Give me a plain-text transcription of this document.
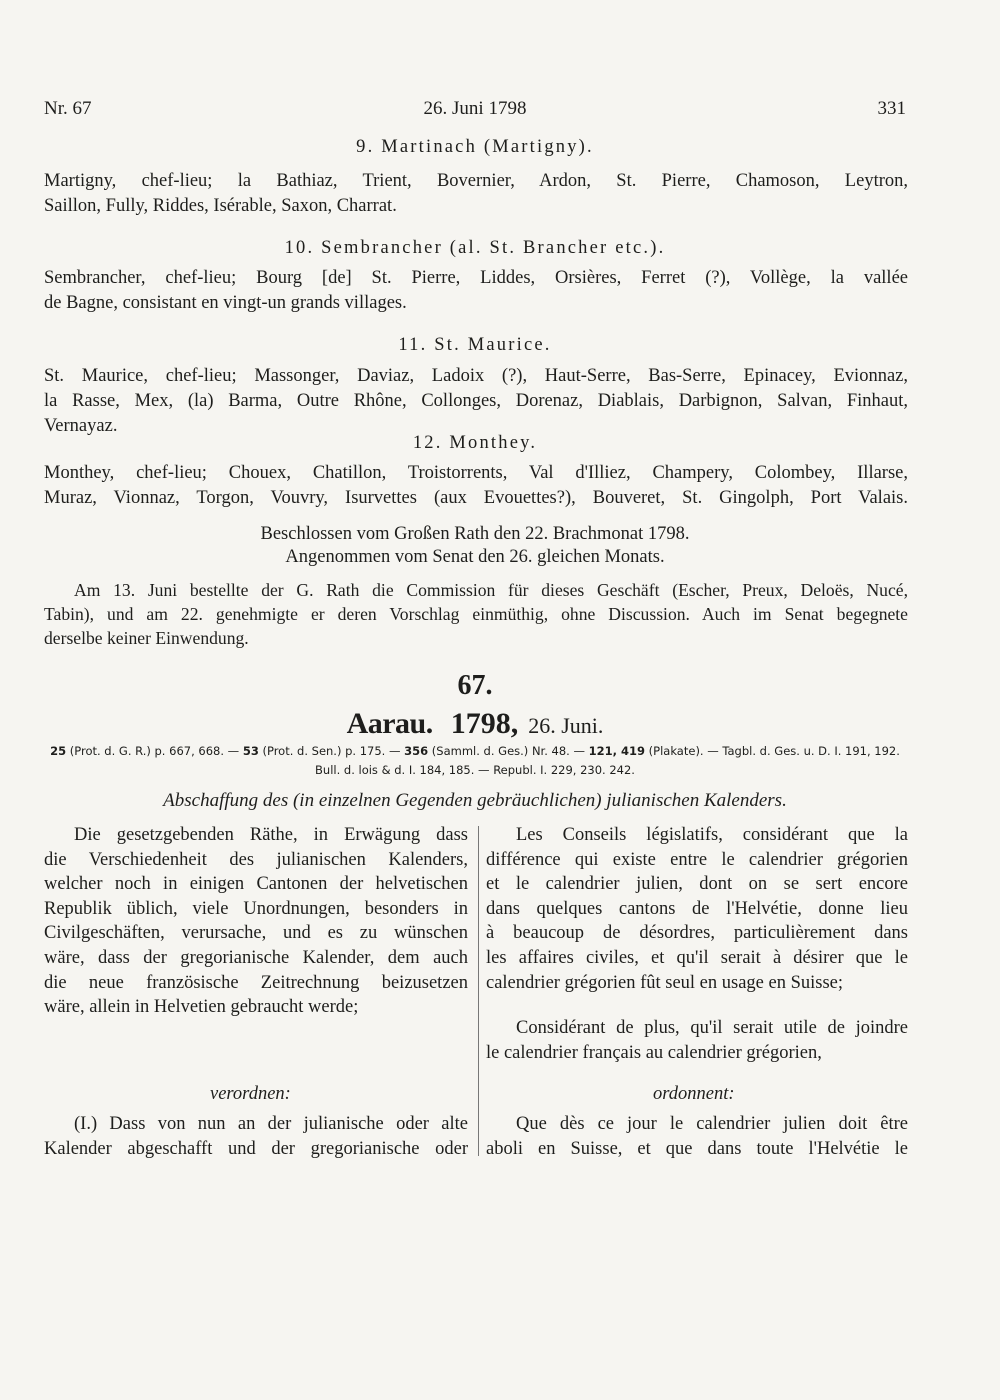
Nr. 67	26. Juni 1798	331
9. Martinach (Martigny).
Martigny, chef-lieu; la Bathiaz, Trient, Bovernier, Ardon, St. Pierre, Chamoson, Leytron,
Saillon, Fully, Riddes, Isérable, Saxon, Charrat.
10. Sembrancher (al. St. Brancher etc.).
Sembrancher, chef-lieu; Bourg [de] St. Pierre, Liddes, Orsières, Ferret (?), Vollège, la vallée
de Bagne, consistant en vingt-un grands villages.
11. St. Maurice.
St. Maurice, chef-lieu; Massonger, Daviaz, Ladoix (?), Haut-Serre, Bas-Serre, Epinacey, Evionnaz,
la Rasse, Mex, (la) Barma, Outre Rhône, Collonges, Dorenaz, Diablais, Darbignon, Salvan, Finhaut,
Vernayaz.
12. Monthey.
Monthey, chef-lieu; Chouex, Chatillon, Troistorrents, Val d'Illiez, Champery, Colombey, Illarse,
Muraz, Vionnaz, Torgon, Vouvry, Isurvettes (aux Evouettes?), Bouveret, St. Gingolph, Port Valais.
Beschlossen vom Großen Rath den 22. Brachmonat 1798.
Angenommen vom Senat den 26. gleichen Monats.
Am 13. Juni bestellte der G. Rath die Commission für dieses Geschäft (Escher, Preux, Deloës, Nucé,
Tabin), und am 22. genehmigte er deren Vorschlag einmüthig, ohne Discussion. Auch im Senat begegnete
derselbe keiner Einwendung.
67.
Aarau. 1798, 26. Juni.
25 (Prot. d. G. R.) p. 667, 668. — 53 (Prot. d. Sen.) p. 175. — 356 (Samml. d. Ges.) Nr. 48. — 121, 419 (Plakate). — Tagbl. d. Ges. u. D. I. 191, 192.
Bull. d. lois & d. I. 184, 185. — Republ. I. 229, 230. 242.
Abschaffung des (in einzelnen Gegenden gebräuchlichen) julianischen Kalenders.
Die gesetzgebenden Räthe, in Erwägung dass
die Verschiedenheit des julianischen Kalenders,
welcher noch in einigen Cantonen der helvetischen
Republik üblich, viele Unordnungen, besonders in
Civilgeschäften, verursache, und es zu wünschen
wäre, dass der gregorianische Kalender, dem auch
die neue französische Zeitrechnung beizusetzen
wäre, allein in Helvetien gebraucht werde;
verordnen:
(I.) Dass von nun an der julianische oder alte
Kalender abgeschafft und der gregorianische oder
Les Conseils législatifs, considérant que la
différence qui existe entre le calendrier grégorien
et le calendrier julien, dont on se sert encore
dans quelques cantons de l'Helvétie, donne lieu
à beaucoup de désordres, particulièrement dans
les affaires civiles, et qu'il serait à désirer que le
calendrier grégorien fût seul en usage en Suisse;
Considérant de plus, qu'il serait utile de joindre
le calendrier français au calendrier grégorien,
ordonnent:
Que dès ce jour le calendrier julien doit être
aboli en Suisse, et que dans toute l'Helvétie le
